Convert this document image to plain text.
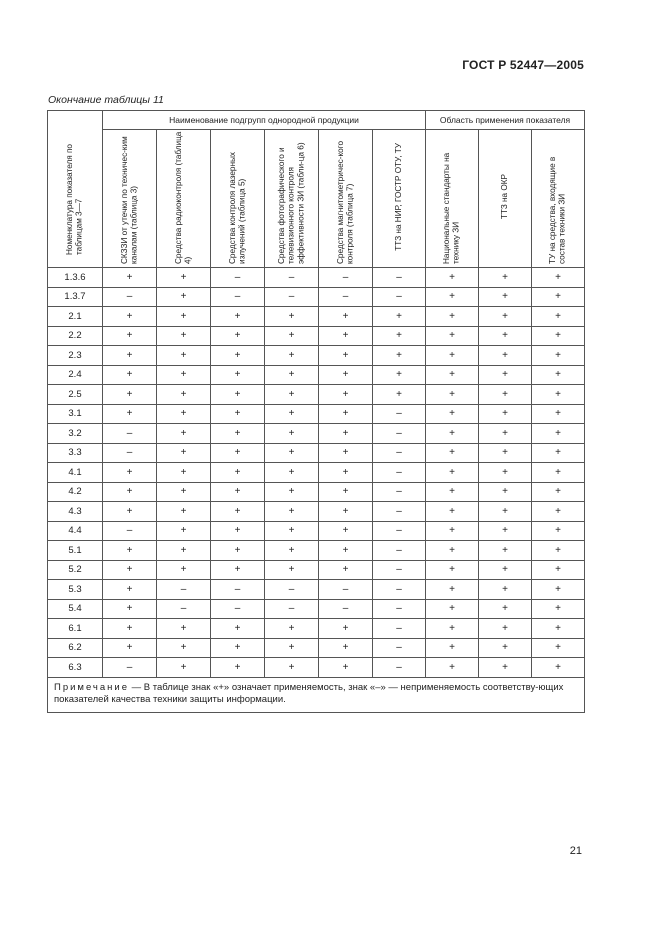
ГОСТ Р 52447—2005
Окончание таблицы 11
Номенклатура показателя по таблицам 3—7	Наименование подгрупп однородной продукции						Область применения показателя		
	СКЗЗИ от утечки по техничес-ким каналам (таблица 3)	Средства радиоконтроля (таблица 4)	Средства контроля лазерных излучений (таблица 5)	Средства фотографического и телевизионного контроля эффективности ЗИ (табли-ца 6)	Средства магнитометричес-кого контроля (таблица 7)	ТТЗ на НИР, ГОСТР ОТУ, ТУ	Национальные стандарты на технику ЗИ	ТТЗ на ОКР	ТУ на средства, входящие в состав техники ЗИ
1.3.6	+	+	–	–	–	–	+	+	+
1.3.7	–	+	–	–	–	–	+	+	+
2.1	+	+	+	+	+	+	+	+	+
2.2	+	+	+	+	+	+	+	+	+
2.3	+	+	+	+	+	+	+	+	+
2.4	+	+	+	+	+	+	+	+	+
2.5	+	+	+	+	+	+	+	+	+
3.1	+	+	+	+	+	–	+	+	+
3.2	–	+	+	+	+	–	+	+	+
3.3	–	+	+	+	+	–	+	+	+
4.1	+	+	+	+	+	–	+	+	+
4.2	+	+	+	+	+	–	+	+	+
4.3	+	+	+	+	+	–	+	+	+
4.4	–	+	+	+	+	–	+	+	+
5.1	+	+	+	+	+	–	+	+	+
5.2	+	+	+	+	+	–	+	+	+
5.3	+	–	–	–	–	–	+	+	+
5.4	+	–	–	–	–	–	+	+	+
6.1	+	+	+	+	+	–	+	+	+
6.2	+	+	+	+	+	–	+	+	+
6.3	–	+	+	+	+	–	+	+	+
Примечание — В таблице знак «+» означает применяемость, знак «–» — неприменяемость соответству-ющих показателей качества техники защиты информации.									
21
